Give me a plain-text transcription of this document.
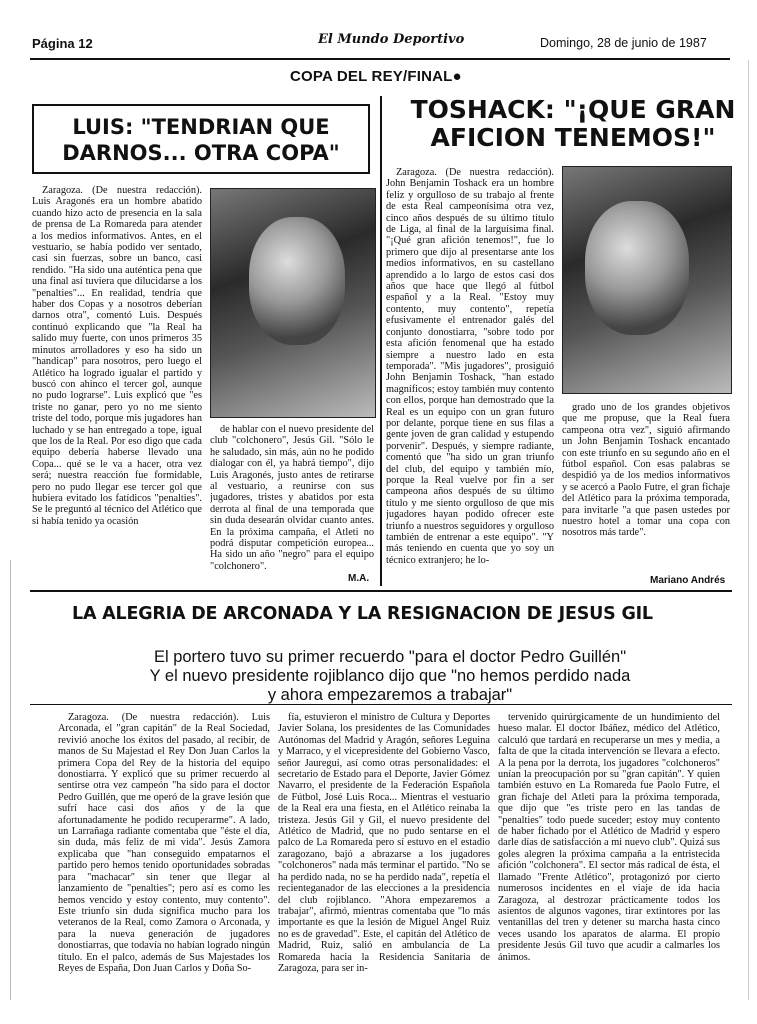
Página 12	El Mundo Deportivo	Domingo, 28 de junio de 1987
COPA DEL REY/FINAL●
LUIS: "TENDRIAN QUE
DARNOS... OTRA COPA"
TOSHACK: "¡QUE GRAN
AFICION TENEMOS!"

Zaragoza. (De nuestra redacción). Luis Aragonés era un hombre abatido cuando hizo acto de presencia en la sala de prensa de La Romareda para atender a los medios informativos. Antes, en el vestuario, se había podido ver sentado, casi sin fuerzas, sobre un banco, casi rendido. "Ha sido una auténtica pena que una final así tuviera que dilucidarse a los "penalties"... En realidad, tendría que haber dos Copas y a nosotros deberían darnos otra", comentó Luis. Después continuó explicando que "la Real ha salido muy fuerte, con unos primeros 35 minutos arrolladores y eso ha sido un "handicap" para nosotros, pero luego el Atlético ha logrado igualar el partido y buscó con ahinco el tercer gol, aunque no pudo lograrse". Luis explicó que "es triste no ganar, pero yo no me siento triste del todo, porque mis jugadores han luchado y se han entregado a tope, igual que los de la Real. Por eso digo que cada equipo debería haberse llevado una Copa... qué se le va a hacer, otra vez será; nuestra reacción fue formidable, pero no pudo llegar ese tercer gol que hubiera evitado los fatídicos "penalties". Se le preguntó al técnico del Atlético que si había tenido ya ocasión

de hablar con el nuevo presidente del club "colchonero", Jesús Gil. "Sólo le he saludado, sin más, aún no he podido dialogar con él, ya habrá tiempo", dijo Luis Aragonés, justo antes de retirarse al vestuario, a reunirse con sus jugadores, tristes y abatidos por esta derrota al final de una temporada que sin duda desearán olvidar cuanto antes. En la próxima campaña, el Atleti no podrá disputar competición europea... Ha sido un año "negro" para el equipo "colchonero".

M.A.

Zaragoza. (De nuestra redacción). John Benjamin Toshack era un hombre feliz y orgulloso de su trabajo al frente de esta Real campeonísima otra vez, cinco años después de su último título de Liga, al final de la larguísima final. "¡Qué gran afición tenemos!", fue lo primero que dijo al presentarse ante los medios informativos, en su castellano aprendido a lo largo de estos casi dos años que hace que llegó al fútbol español y a la Real. "Estoy muy contento, muy contento", repetía efusivamente el entrenador galés del conjunto donostiarra, "sobre todo por esta afición fenomenal que ha estado siempre a nuestro lado en esta temporada". "Mis jugadores", prosiguió John Benjamin Toshack, "han estado magníficos; estoy también muy contento con ellos, porque han demostrado que la Real es un equipo con un gran futuro por delante, porque tiene en sus filas a gente joven de gran calidad y estupendo porvenir". Después, y siempre radiante, comentó que "ha sido un gran triunfo del club, del equipo y también mío, porque la Real vuelve por fin a ser campeona años después de su último título y me siento orgulloso de que mis jugadores hayan podido ofrecer este triunfo a nuestros seguidores y orgulloso también de entrenar a este equipo". "Y más teniendo en cuenta que yo soy un técnico extranjero; he lo-

grado uno de los grandes objetivos que me propuse, que la Real fuera campeona otra vez", siguió afirmando un John Benjamin Toshack encantado con este triunfo en su segundo año en el fútbol español. Con esas palabras se despidió ya de los medios informativos y se acercó a Paolo Futre, el gran fichaje del Atlético para la próxima temporada, para invitarle "a que pasen ustedes por nuestro hotel a tomar una copa con nosotros más tarde".

Mariano Andrés
LA ALEGRIA DE ARCONADA Y LA RESIGNACION DE JESUS GIL
El portero tuvo su primer recuerdo "para el doctor Pedro Guillén"
Y el nuevo presidente rojiblanco dijo que "no hemos perdido nada
y ahora empezaremos a trabajar"

Zaragoza. (De nuestra redacción). Luis Arconada, el "gran capitán" de la Real Sociedad, revivió anoche los éxitos del pasado, al recibir, de manos de Su Majestad el Rey Don Juan Carlos la primera Copa del Rey de la historia del equipo donostiarra. Y explicó que su primer recuerdo al sentirse otra vez campeón "ha sido para el doctor Pedro Guillén, que me operó de la grave lesión que sufrí hace casi dos años y de la que afortunadamente he podido recuperarme". A lado, un Larrañaga radiante comentaba que "éste el día, sin duda, más feliz de mi vida". Jesús Zamora explicaba que "han conseguido empatarnos el partido pero hemos tenido oportunidades sobradas para "machacar" sin tener que llegar al lanzamiento de "penalties"; pero así es como les hemos vencido y estoy contento, muy contento". Este triunfo sin duda significa mucho para los veteranos de la Real, como Zamora o Arconada, y para la nueva generación de jugadores donostiarras, que todavía no habían logrado ningún título. En el palco, además de Sus Majestades los Reyes de España, Don Juan Carlos y Doña So-

fía, estuvieron el ministro de Cultura y Deportes Javier Solana, los presidentes de las Comunidades Autónomas del Madrid y Aragón, señores Leguina y Marraco, y el vicepresidente del Gobierno Vasco, señor Jauregui, así como otras personalidades: el secretario de Estado para el Deporte, Javier Gómez Navarro, el presidente de la Federación Española de Fútbol, José Luis Roca... Mientras el vestuario de la Real era una fiesta, en el Atlético reinaba la tristeza. Jesús Gil y Gil, el nuevo presidente del Atlético de Madrid, que no pudo sentarse en el palco de La Romareda pero sí estuvo en el estadio zaragozano, bajó a abrazarse a los jugadores "colchoneros" nada más terminar el partido. "No se ha perdido nada, no se ha perdido nada", repetía el recienteganador de las elecciones a la presidencia del club rojiblanco. "Ahora empezaremos a trabajar", afirmó, mientras comentaba que "lo más importante es que la lesión de Miguel Angel Ruiz no es de gravedad". Este, el capitán del Atlético de Madrid, Ruiz, salió en ambulancia de La Romareda hacia la Residencia Sanitaria de Zaragoza, para ser in-

tervenido quirúrgicamente de un hundimiento del hueso malar. El doctor Ibáñez, médico del Atlético, calculó que tardará en recuperarse un mes y media, a falta de que la citada intervención se llevara a efecto. A la pena por la derrota, los jugadores "colchoneros" unían la preocupación por su "gran capitán". Y quien también estuvo en La Romareda fue Paolo Futre, el gran fichaje del Atleti para la próxima temporada, que dijo que "es triste pero en las tandas de "penalties" todo puede suceder; estoy muy contento de haber fichado por el Atlético de Madrid y espero darle días de satisfacción a mi nuevo club". Quizá sus goles alegren la próxima campaña a la entristecida afición "colchonera". El sector más radical de ésta, el llamado "Frente Atlético", protagonizó por cierto numerosos incidentes en el viaje de ida hacia Zaragoza, al destrozar prácticamente todos los asientos de algunos vagones, tirar extintores por las ventanillas del tren y detener su marcha hasta cinco veces usando los aparatos de alarma. El propio presidente Jesús Gil tuvo que acudir a calmarles los ánimos.
